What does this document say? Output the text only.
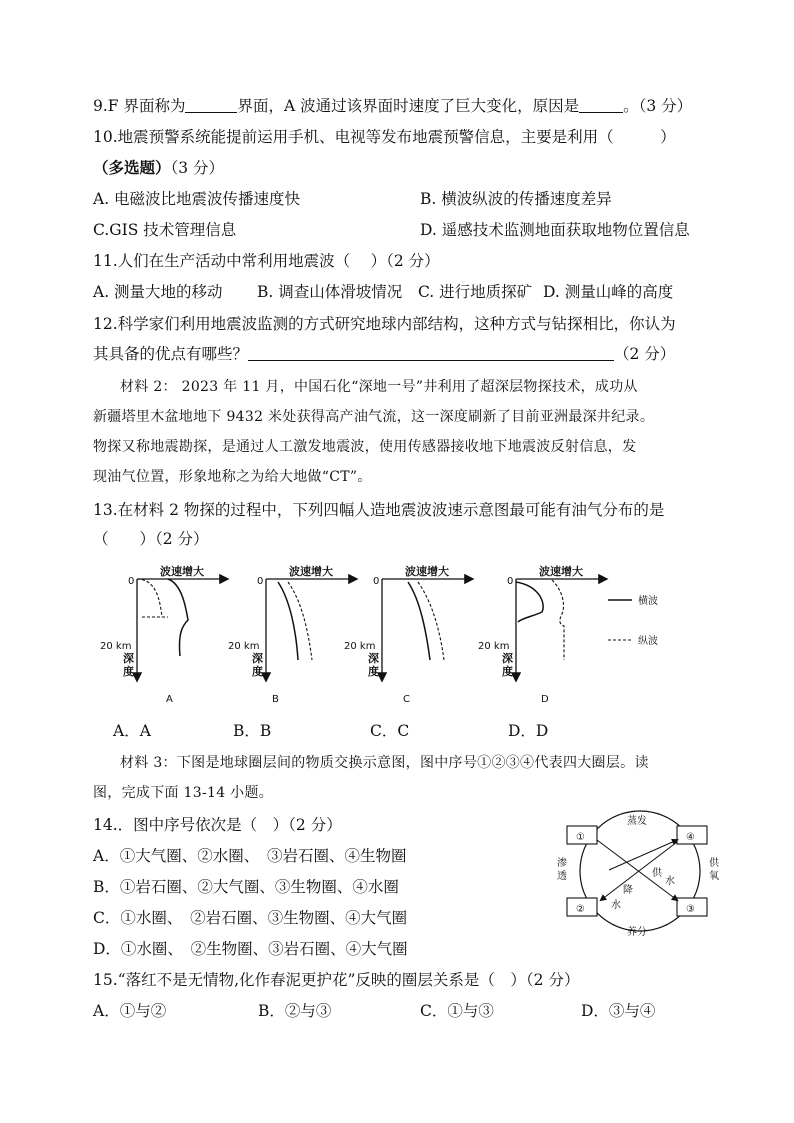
9.F 界面称为	界面，A 波通过该界面时速度了巨大变化，原因是	。（3 分）
10.地震预警系统能提前运用手机、电视等发布地震预警信息，主要是利用（　　　）
（多选题）（3 分）
A. 电磁波比地震波传播速度快	B. 横波纵波的传播速度差异
C.GIS 技术管理信息	D. 遥感技术监测地面获取地物位置信息
11.人们在生产活动中常利用地震波（　 ）（2 分）
A. 测量大地的移动 B. 调查山体滑坡情况 C. 进行地质探矿 D. 测量山峰的高度
12.科学家们利用地震波监测的方式研究地球内部结构，这种方式与钻探相比，你认为
其具备的优点有哪些？	（2 分）
材料 2： 2023 年 11 月，中国石化“深地一号”井利用了超深层物探技术，成功从
新疆塔里木盆地地下 9432 米处获得高产油气流，这一深度刷新了目前亚洲最深井纪录。
物探又称地震勘探，是通过人工激发地震波，使用传感器接收地下地震波反射信息，发
现油气位置，形象地称之为给大地做“CT”。
13.在材料 2 物探的过程中，下列四幅人造地震波波速示意图最可能有油气分布的是
（　　）（2 分）
0
波速增大
20 km
深
度
A
0
波速增大
20 km
深
度
B
0
波速增大
20 km
深
度
C
0
波速增大
20 km
深
度
D
横波
纵波
A．A	B．B	C．C	D．D
材料 3：下图是地球圈层间的物质交换示意图，图中序号①②③④代表四大圈层。读
图，完成下面 13-14 小题。
14.．图中序号依次是（　）（2 分）
A．①大气圈、②水圈、　③岩石圈、④生物圈
B．①岩石圈、②大气圈、③生物圈、④水圈
C．①水圈、　②岩石圈、③生物圈、④大气圈
D．①水圈、　②生物圈、③岩石圈、④大气圈
①
②	③
④
蒸发
养分
渗
透
供
氧
供
水
降
水
15.“落红不是无情物,化作春泥更护花”反映的圈层关系是（　）（2 分）
A．①与②	B．②与③	C．①与③	D．③与④
